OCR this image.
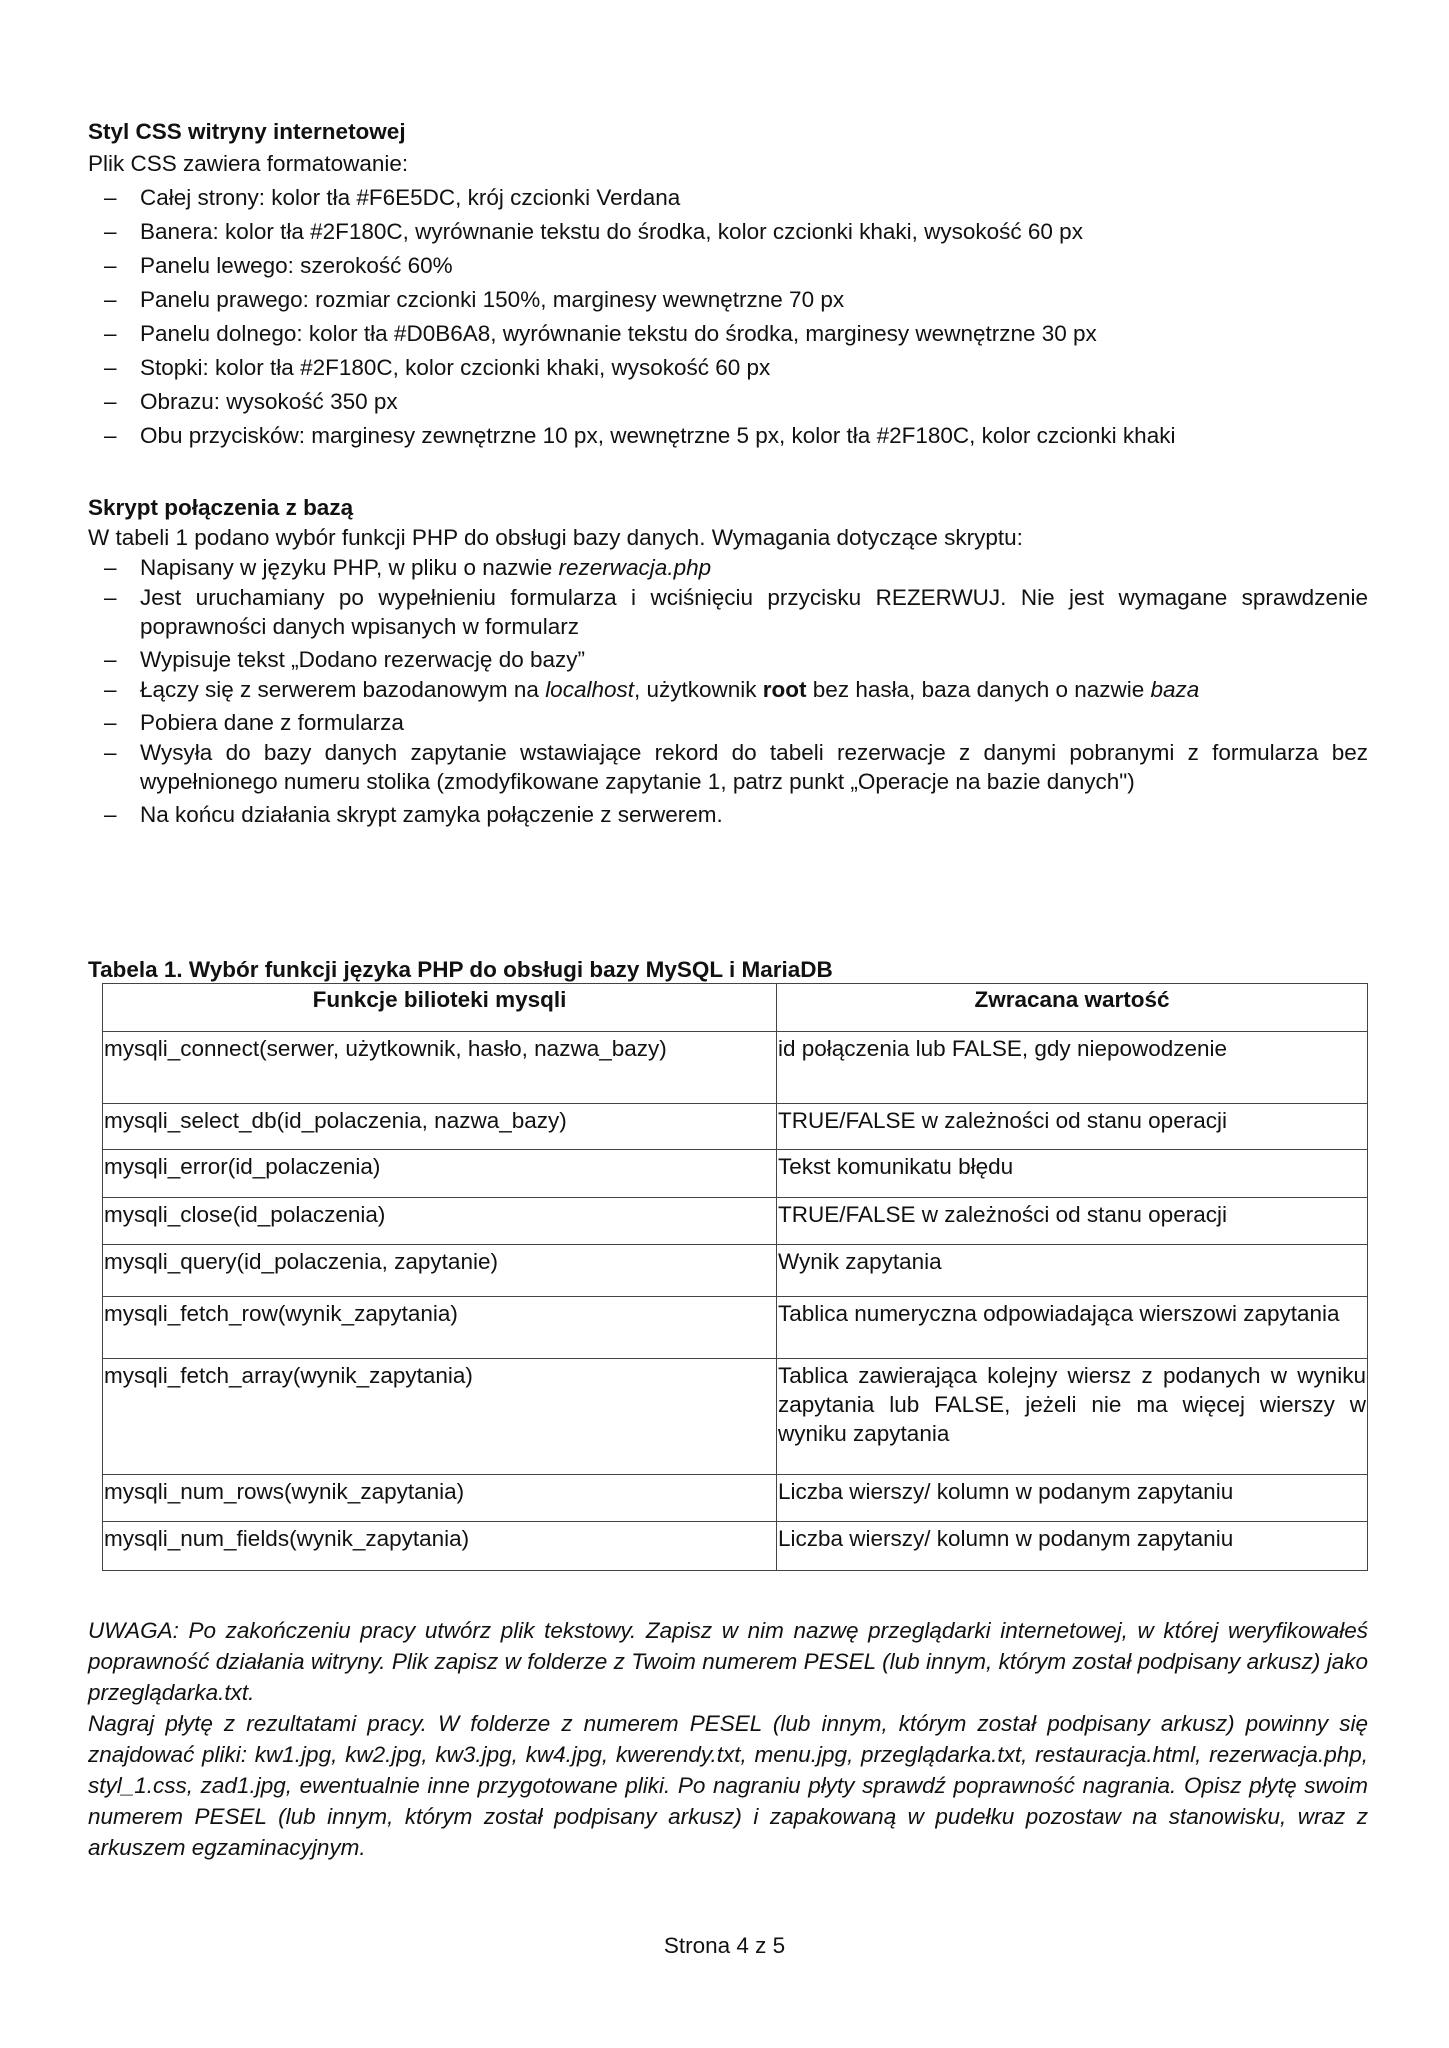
Styl CSS witryny internetowej
Plik CSS zawiera formatowanie:
– Całej strony: kolor tła #F6E5DC, krój czcionki Verdana
– Banera: kolor tła #2F180C, wyrównanie tekstu do środka, kolor czcionki khaki, wysokość 60 px
– Panelu lewego: szerokość 60%
– Panelu prawego: rozmiar czcionki 150%, marginesy wewnętrzne 70 px
– Panelu dolnego: kolor tła #D0B6A8, wyrównanie tekstu do środka, marginesy wewnętrzne 30 px
– Stopki: kolor tła #2F180C, kolor czcionki khaki, wysokość 60 px
– Obrazu: wysokość 350 px
– Obu przycisków: marginesy zewnętrzne 10 px, wewnętrzne 5 px, kolor tła #2F180C, kolor czcionki khaki
Skrypt połączenia z bazą
W tabeli 1 podano wybór funkcji PHP do obsługi bazy danych. Wymagania dotyczące skryptu:
– Napisany w języku PHP, w pliku o nazwie rezerwacja.php
– Jest uruchamiany po wypełnieniu formularza i wciśnięciu przycisku REZERWUJ. Nie jest wymagane sprawdzenie poprawności danych wpisanych w formularz
– Wypisuje tekst „Dodano rezerwację do bazy”
– Łączy się z serwerem bazodanowym na localhost, użytkownik root bez hasła, baza danych o nazwie baza
– Pobiera dane z formularza
– Wysyła do bazy danych zapytanie wstawiające rekord do tabeli rezerwacje z danymi pobranymi z formularza bez wypełnionego numeru stolika (zmodyfikowane zapytanie 1, patrz punkt „Operacje na bazie danych")
– Na końcu działania skrypt zamyka połączenie z serwerem.
Tabela 1. Wybór funkcji języka PHP do obsługi bazy MySQL i MariaDB
Funkcje bilioteki mysqli	Zwracana wartość
mysqli_connect(serwer, użytkownik, hasło, nazwa_bazy)	id połączenia lub FALSE, gdy niepowodzenie
mysqli_select_db(id_polaczenia, nazwa_bazy)	TRUE/FALSE w zależności od stanu operacji
mysqli_error(id_polaczenia)	Tekst komunikatu błędu
mysqli_close(id_polaczenia)	TRUE/FALSE w zależności od stanu operacji
mysqli_query(id_polaczenia, zapytanie)	Wynik zapytania
mysqli_fetch_row(wynik_zapytania)	Tablica numeryczna odpowiadająca wierszowi zapytania
mysqli_fetch_array(wynik_zapytania)	Tablica zawierająca kolejny wiersz z podanych w wyniku zapytania lub FALSE, jeżeli nie ma więcej wierszy w wyniku zapytania
mysqli_num_rows(wynik_zapytania)	Liczba wierszy/ kolumn w podanym zapytaniu
mysqli_num_fields(wynik_zapytania)	Liczba wierszy/ kolumn w podanym zapytaniu

UWAGA: Po zakończeniu pracy utwórz plik tekstowy. Zapisz w nim nazwę przeglądarki internetowej, w której weryfikowałeś poprawność działania witryny. Plik zapisz w folderze z Twoim numerem PESEL (lub innym, którym został podpisany arkusz) jako przeglądarka.txt.

Nagraj płytę z rezultatami pracy. W folderze z numerem PESEL (lub innym, którym został podpisany arkusz) powinny się znajdować pliki: kw1.jpg, kw2.jpg, kw3.jpg, kw4.jpg, kwerendy.txt, menu.jpg, przeglądarka.txt, restauracja.html, rezerwacja.php, styl_1.css, zad1.jpg, ewentualnie inne przygotowane pliki. Po nagraniu płyty sprawdź poprawność nagrania. Opisz płytę swoim numerem PESEL (lub innym, którym został podpisany arkusz) i zapakowaną w pudełku pozostaw na stanowisku, wraz z arkuszem egzaminacyjnym.

Strona 4 z 5
